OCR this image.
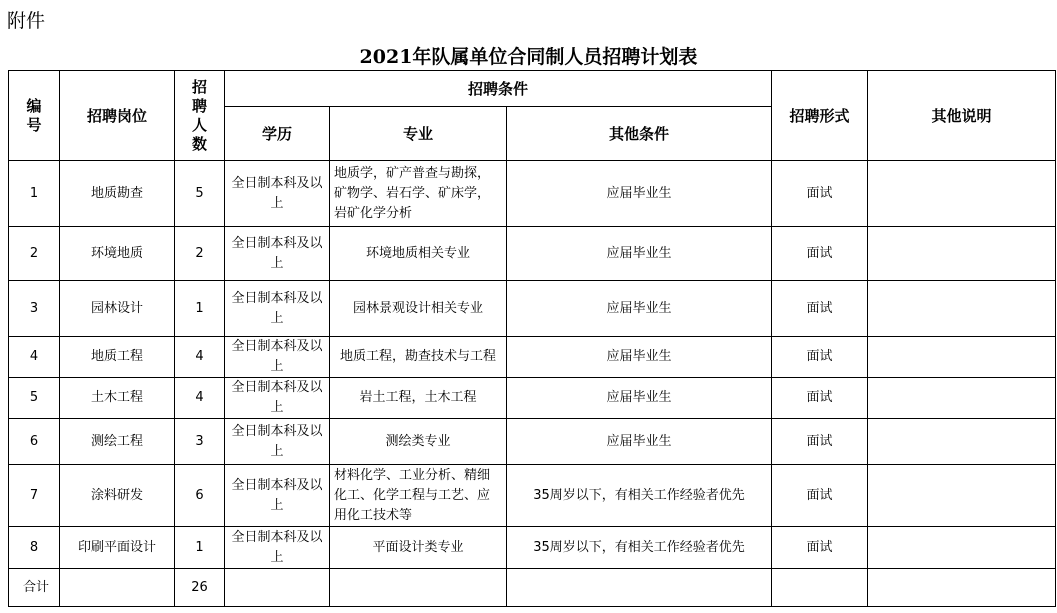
附件
2021年队属单位合同制人员招聘计划表
编号	招聘岗位	招聘人数	招聘条件			招聘形式	其他说明
			学历	专业	其他条件		
1	地质勘查	5	全日制本科及以上	地质学，矿产普查与勘探，矿物学、岩石学、矿床学，岩矿化学分析	应届毕业生	面试	
2	环境地质	2	全日制本科及以上	环境地质相关专业	应届毕业生	面试	
3	园林设计	1	全日制本科及以上	园林景观设计相关专业	应届毕业生	面试	
4	地质工程	4	全日制本科及以上	地质工程，勘查技术与工程	应届毕业生	面试	
5	土木工程	4	全日制本科及以上	岩土工程，土木工程	应届毕业生	面试	
6	测绘工程	3	全日制本科及以上	测绘类专业	应届毕业生	面试	
7	涂料研发	6	全日制本科及以上	材料化学、工业分析、精细化工、化学工程与工艺、应用化工技术等	35周岁以下，有相关工作经验者优先	面试	
8	印刷平面设计	1	全日制本科及以上	平面设计类专业	35周岁以下，有相关工作经验者优先	面试	
合计		26					
